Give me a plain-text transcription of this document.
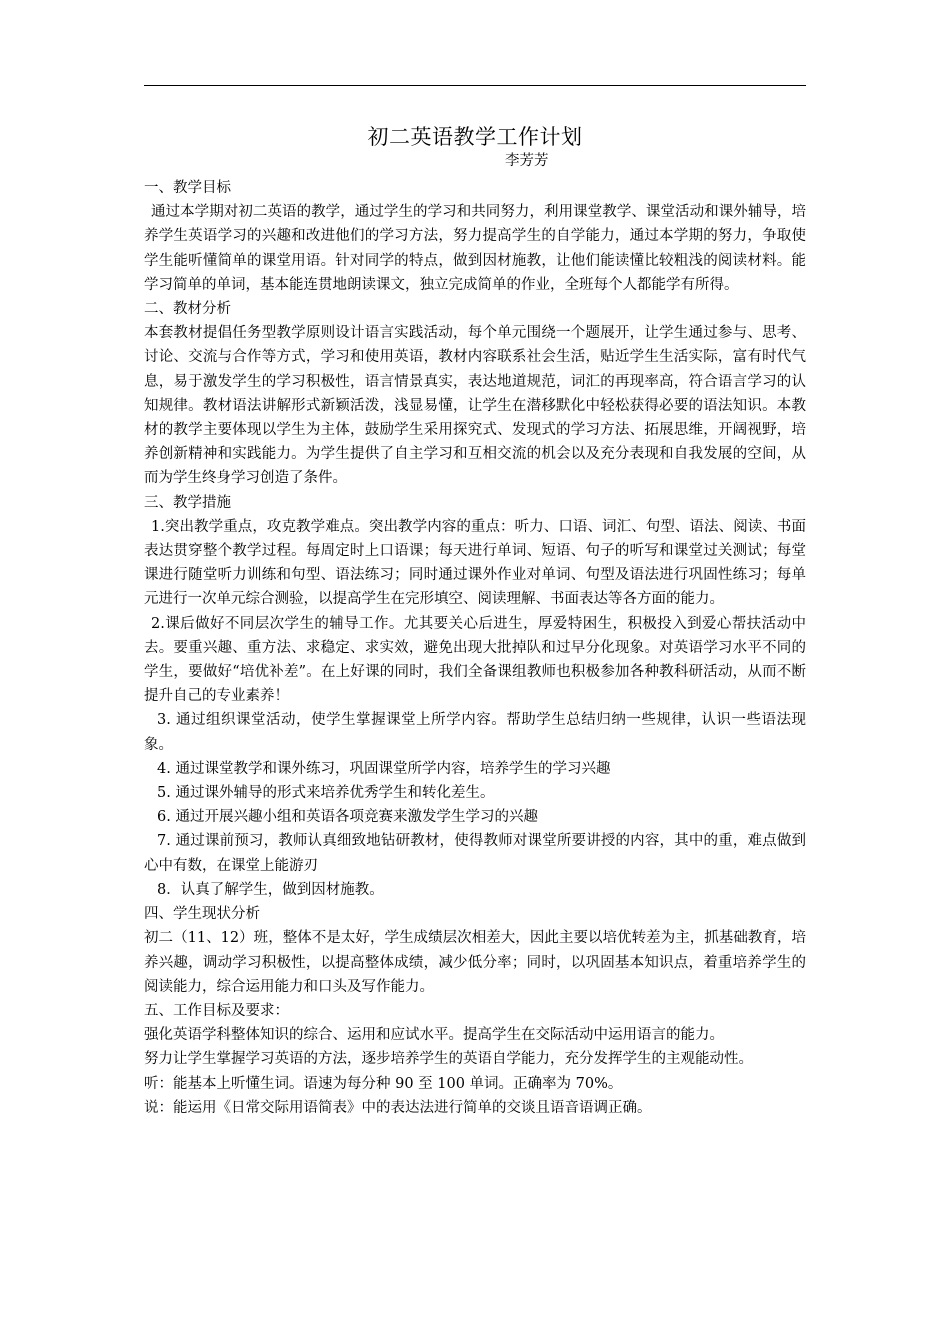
初二英语教学工作计划
李芳芳

一、教学目标

通过本学期对初二英语的教学，通过学生的学习和共同努力，利用课堂教学、课堂活动和课外辅导，培养学生英语学习的兴趣和改进他们的学习方法，努力提高学生的自学能力，通过本学期的努力，争取使学生能听懂简单的课堂用语。针对同学的特点，做到因材施教，让他们能读懂比较粗浅的阅读材料。能学习简单的单词，基本能连贯地朗读课文，独立完成简单的作业，全班每个人都能学有所得。

二、教材分析

本套教材提倡任务型教学原则设计语言实践活动，每个单元围绕一个题展开，让学生通过参与、思考、讨论、交流与合作等方式，学习和使用英语，教材内容联系社会生活，贴近学生生活实际，富有时代气息，易于激发学生的学习积极性，语言情景真实，表达地道规范，词汇的再现率高，符合语言学习的认知规律。教材语法讲解形式新颖活泼，浅显易懂，让学生在潜移默化中轻松获得必要的语法知识。本教材的教学主要体现以学生为主体，鼓励学生采用探究式、发现式的学习方法、拓展思维，开阔视野，培养创新精神和实践能力。为学生提供了自主学习和互相交流的机会以及充分表现和自我发展的空间，从而为学生终身学习创造了条件。

三、教学措施

1.突出教学重点，攻克教学难点。突出教学内容的重点：听力、口语、词汇、句型、语法、阅读、书面表达贯穿整个教学过程。每周定时上口语课；每天进行单词、短语、句子的听写和课堂过关测试；每堂课进行随堂听力训练和句型、语法练习；同时通过课外作业对单词、句型及语法进行巩固性练习；每单元进行一次单元综合测验，以提高学生在完形填空、阅读理解、书面表达等各方面的能力。

2.课后做好不同层次学生的辅导工作。尤其要关心后进生，厚爱特困生，积极投入到爱心帮扶活动中去。要重兴趣、重方法、求稳定、求实效，避免出现大批掉队和过早分化现象。对英语学习水平不同的学生，要做好“培优补差”。在上好课的同时，我们全备课组教师也积极参加各种教科研活动，从而不断提升自己的专业素养！

3. 通过组织课堂活动，使学生掌握课堂上所学内容。帮助学生总结归纳一些规律，认识一些语法现象。

4. 通过课堂教学和课外练习，巩固课堂所学内容，培养学生的学习兴趣

5. 通过课外辅导的形式来培养优秀学生和转化差生。

6. 通过开展兴趣小组和英语各项竞赛来激发学生学习的兴趣

7. 通过课前预习，教师认真细致地钻研教材，使得教师对课堂所要讲授的内容，其中的重，难点做到心中有数，在课堂上能游刃

8．认真了解学生，做到因材施教。

四、学生现状分析

初二（11、12）班，整体不是太好，学生成绩层次相差大，因此主要以培优转差为主，抓基础教育，培养兴趣，调动学习积极性，以提高整体成绩，减少低分率；同时，以巩固基本知识点，着重培养学生的阅读能力，综合运用能力和口头及写作能力。

五、工作目标及要求：

强化英语学科整体知识的综合、运用和应试水平。提高学生在交际活动中运用语言的能力。

努力让学生掌握学习英语的方法，逐步培养学生的英语自学能力，充分发挥学生的主观能动性。

听：能基本上听懂生词。语速为每分种 90 至 100 单词。正确率为 70%。

说：能运用《日常交际用语简表》中的表达法进行简单的交谈且语音语调正确。
